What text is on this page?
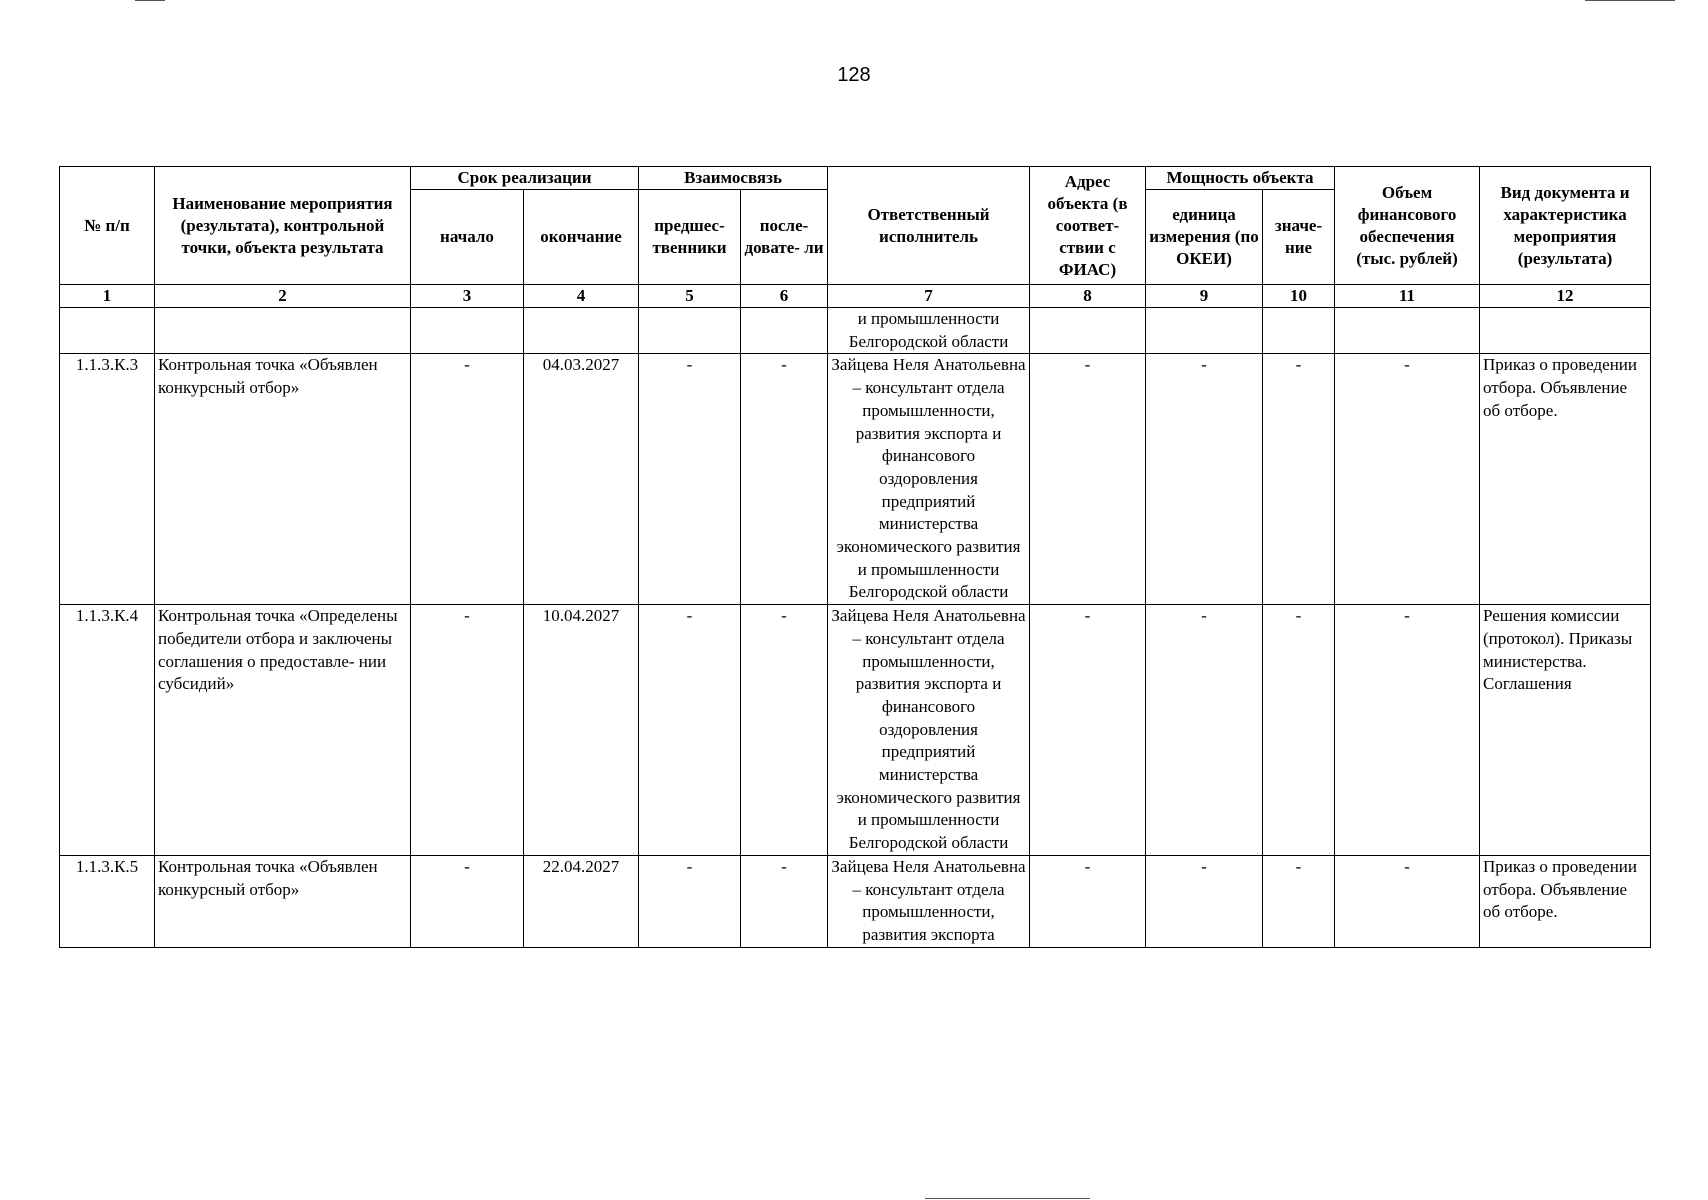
128
№ п/п	Наименование мероприятия (результата), контрольной точки, объекта результата	Срок реализации		Взаимосвязь		Ответственный исполнитель	Адрес объекта (в соответ- ствии с ФИАС)	Мощность объекта		Объем финансового обеспечения (тыс. рублей)	Вид документа и характеристика мероприятия (результата)
		начало	окончание	предшес- твенники	после- довате- ли			единица измерения (по ОКЕИ)	значе- ние		
1	2	3	4	5	6	7	8	9	10	11	12
						и промышленности Белгородской области					
1.1.3.К.3	Контрольная точка «Объявлен конкурсный отбор»	-	04.03.2027	-	-	Зайцева Неля Анатольевна – консультант отдела промышленности, развития экспорта и финансового оздоровления предприятий министерства экономического развития и промышленности Белгородской области	-	-	-	-	Приказ о проведении отбора. Объявление об отборе.
1.1.3.К.4	Контрольная точка «Определены победители отбора и заключены соглашения о предоставле- нии субсидий»	-	10.04.2027	-	-	Зайцева Неля Анатольевна – консультант отдела промышленности, развития экспорта и финансового оздоровления предприятий министерства экономического развития и промышленности Белгородской области	-	-	-	-	Решения комиссии (протокол). Приказы министерства. Соглашения
1.1.3.К.5	Контрольная точка «Объявлен конкурсный отбор»	-	22.04.2027	-	-	Зайцева Неля Анатольевна – консультант отдела промышленности, развития экспорта	-	-	-	-	Приказ о проведении отбора. Объявление об отборе.
